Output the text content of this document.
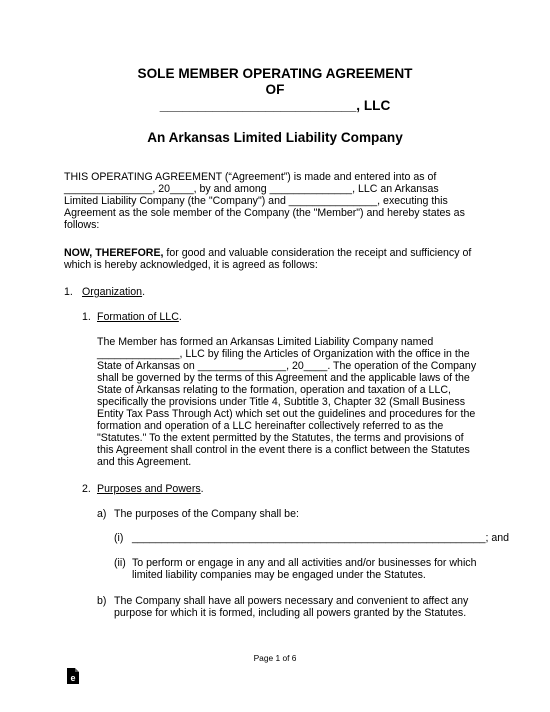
SOLE MEMBER OPERATING AGREEMENT
OF
__________________________, LLC
An Arkansas Limited Liability Company
THIS OPERATING AGREEMENT (“Agreement”) is made and entered into as of
_______________, 20____, by and among ______________, LLC an Arkansas
Limited Liability Company (the "Company") and _______________, executing this
Agreement as the sole member of the Company (the "Member") and hereby states as
follows:
NOW, THEREFORE, for good and valuable consideration the receipt and sufficiency of
which is hereby acknowledged, it is agreed as follows:
1. Organization.
1. Formation of LLC.
The Member has formed an Arkansas Limited Liability Company named
______________, LLC by filing the Articles of Organization with the office in the
State of Arkansas on _______________, 20____. The operation of the Company
shall be governed by the terms of this Agreement and the applicable laws of the
State of Arkansas relating to the formation, operation and taxation of a LLC,
specifically the provisions under Title 4, Subtitle 3, Chapter 32 (Small Business
Entity Tax Pass Through Act) which set out the guidelines and procedures for the
formation and operation of a LLC hereinafter collectively referred to as the
"Statutes." To the extent permitted by the Statutes, the terms and provisions of
this Agreement shall control in the event there is a conflict between the Statutes
and this Agreement.
2. Purposes and Powers.
a) The purposes of the Company shall be:
(i) ____________________________________________________________; and
(ii) To perform or engage in any and all activities and/or businesses for which
limited liability companies may be engaged under the Statutes.
b) The Company shall have all powers necessary and convenient to affect any
purpose for which it is formed, including all powers granted by the Statutes.
Page 1 of 6
e
